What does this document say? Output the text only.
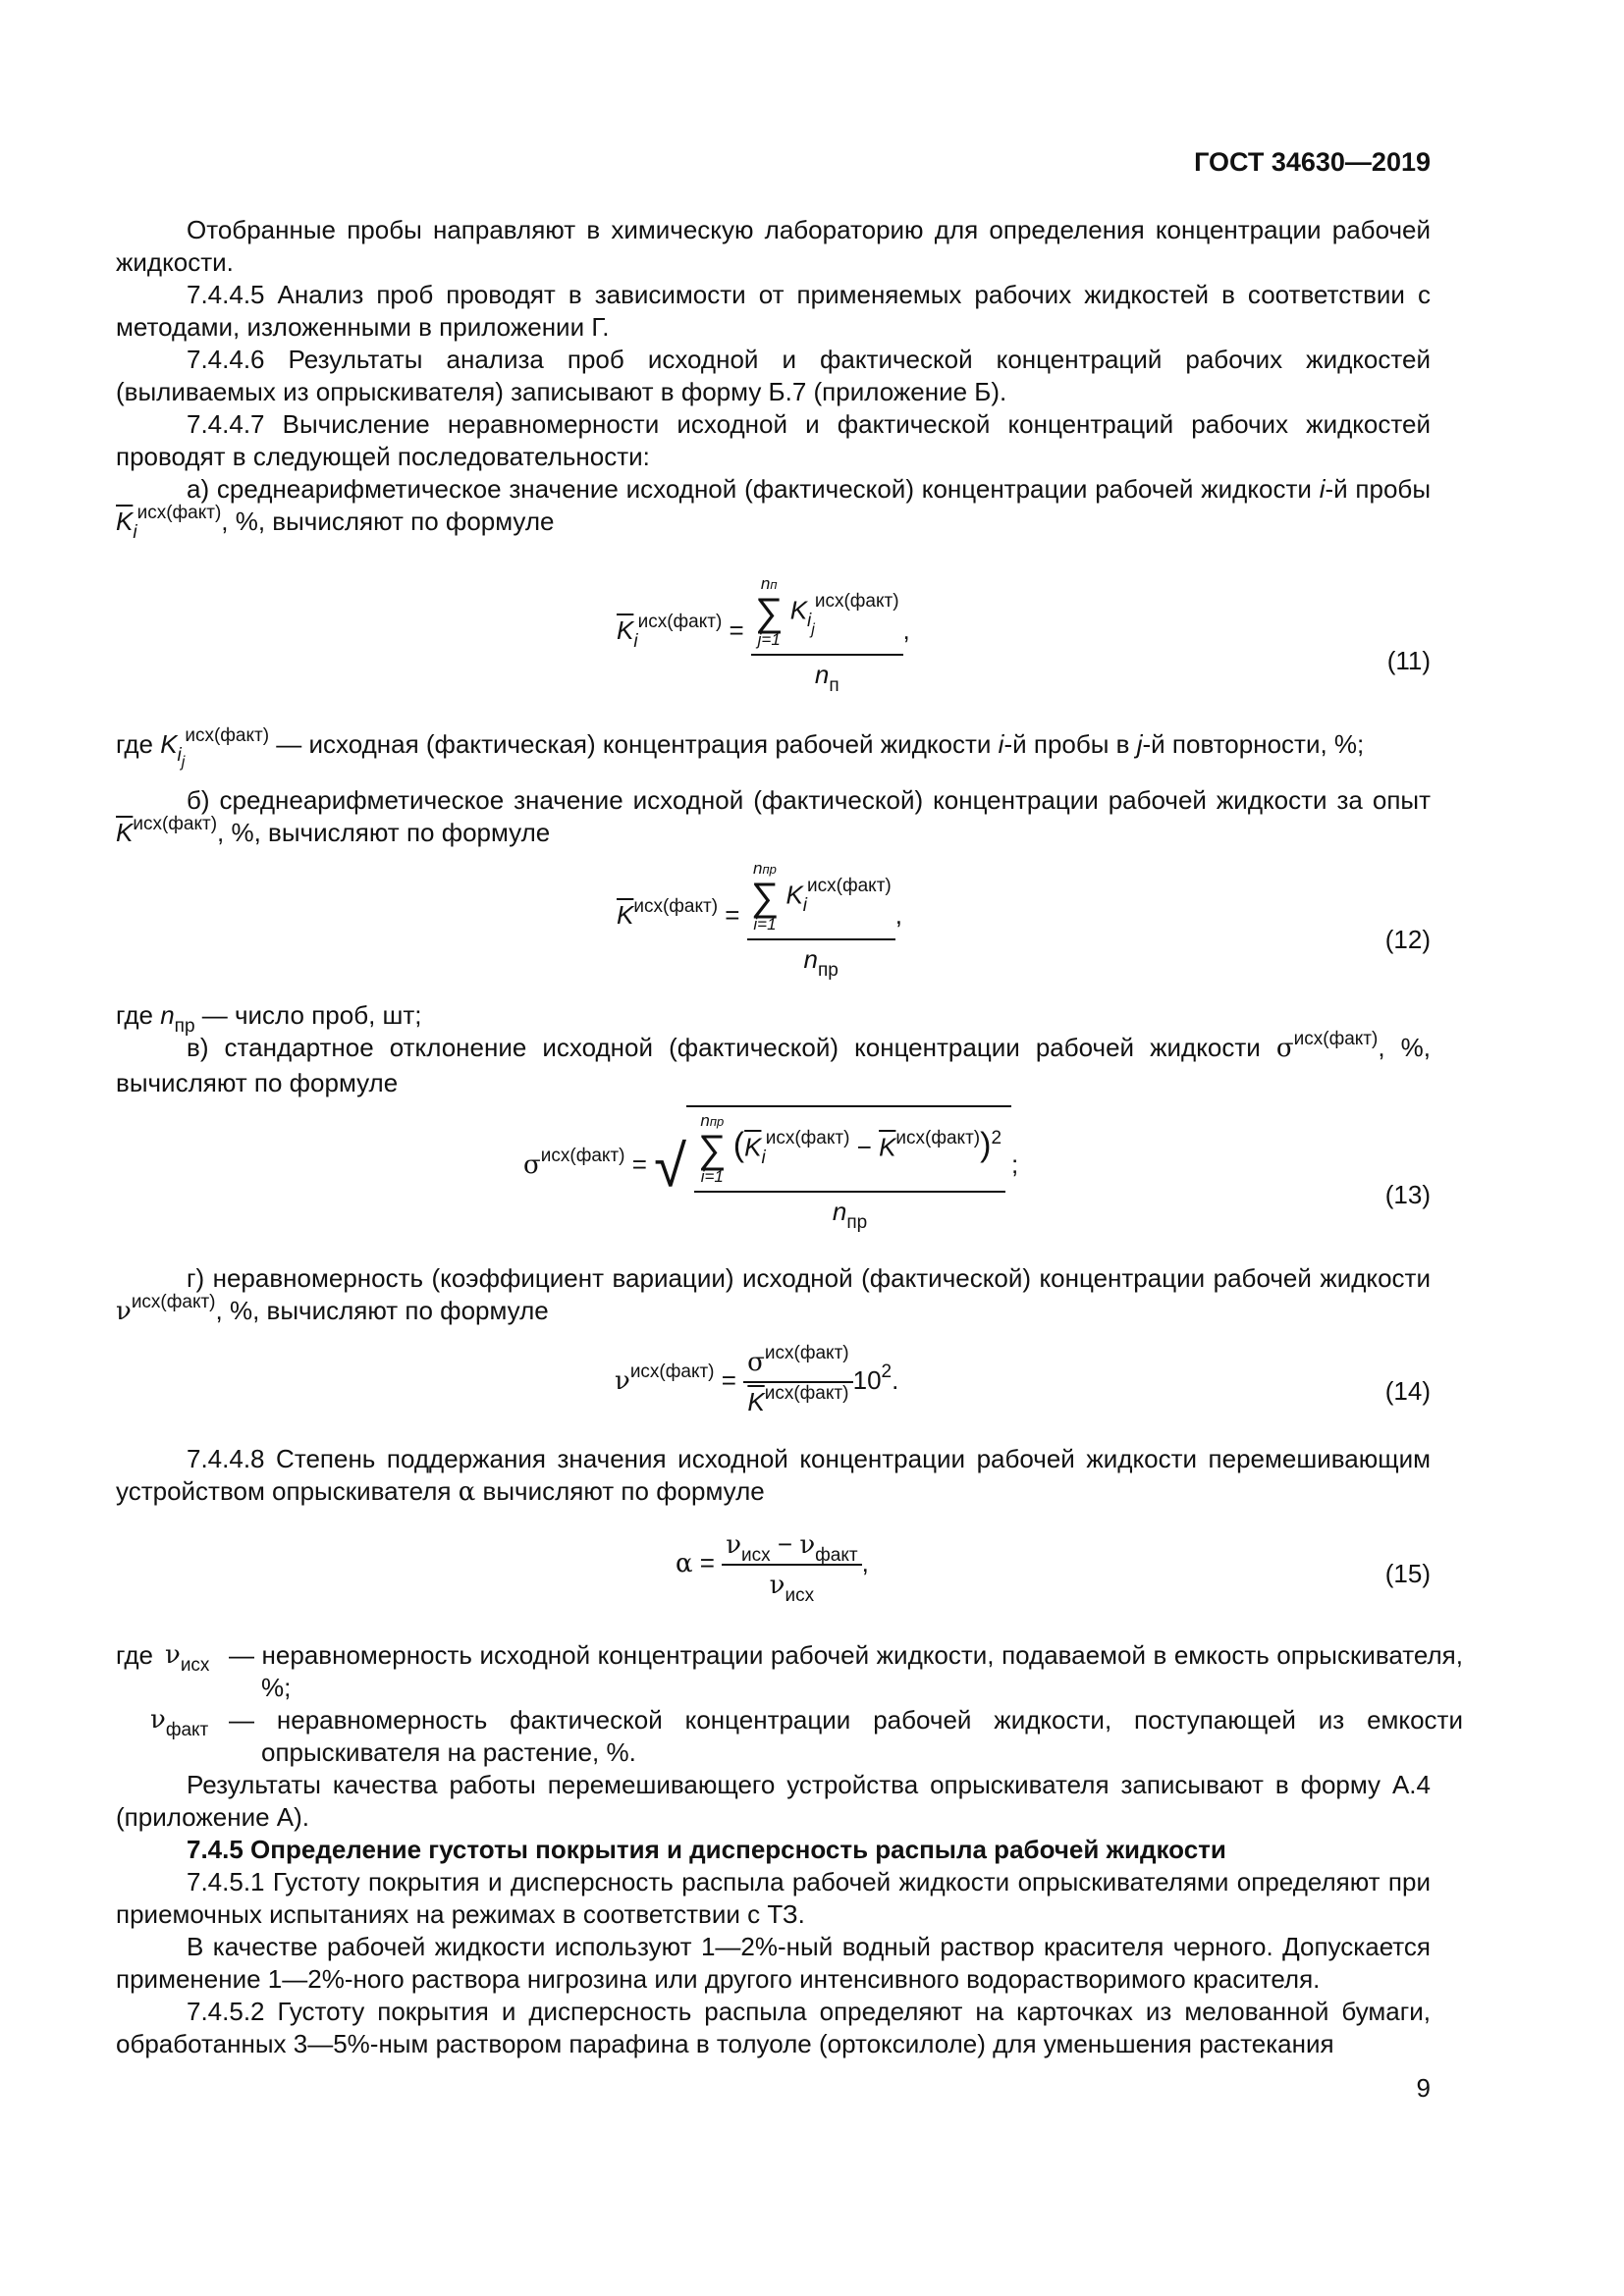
ГОСТ 34630—2019

Отобранные пробы направляют в химическую лабораторию для определения концентрации рабочей жидкости.

7.4.4.5 Анализ проб проводят в зависимости от применяемых рабочих жидкостей в соответствии с методами, изложенными в приложении Г.

7.4.4.6 Результаты анализа проб исходной и фактической концентраций рабочих жидкостей (выливаемых из опрыскивателя) записывают в форму Б.7 (приложение Б).

7.4.4.7 Вычисление неравномерности исходной и фактической концентраций рабочих жидкостей проводят в следующей последовательности:

а) среднеарифметическое значение исходной (фактической) концентрации рабочей жидкости i-й пробы $\overline{K}_i^{исх(факт)}$, %, вычисляют по формуле

$\overline{K}_i^{исх(факт)}$ = nп
∑
j=1
$K_{ij}^{исх(факт)}$
$n_п$ ,
(11)
где $K_{ij}^{исх(факт)}$ — исходная (фактическая) концентрация рабочей жидкости i-й пробы в j-й повторности, %;

б) среднеарифметическое значение исходной (фактической) концентрации рабочей жидкости за опыт $\overline{K}^{исх(факт)}$, %, вычисляют по формуле

$\overline{K}^{исх(факт)}$ = nпр
∑
i=1
$K_i^{исх(факт)}$
$n_{пр}$ ,
(12)
где $n_{пр}$ — число проб, шт;

в) стандартное отклонение исходной (фактической) концентрации рабочей жидкости $\sigma^{исх(факт)}$, %, вычисляют по формуле

$\sigma^{исх(факт)}$ = √
nпр
∑
i=1
$(\overline{K}_i^{исх(факт)} - \overline{K}^{исх(факт)})^2$
$n_{пр}$
;
(13)

г) неравномерность (коэффициент вариации) исходной (фактической) концентрации рабочей жидкости $\nu^{исх(факт)}$, %, вычисляют по формуле

$\nu^{исх(факт)} = \frac{\sigma^{исх(факт)}}{\overline{K}^{исх(факт)}} 10^2$.	(14)

7.4.4.8 Степень поддержания значения исходной концентрации рабочей жидкости перемешивающим устройством опрыскивателя α вычисляют по формуле

$\alpha = \frac{\nu_{исх} - \nu_{факт}}{\nu_{исх}}$ ,	(15)
где $\nu_{исх}$ — неравномерность исходной концентрации рабочей жидкости, подаваемой в емкость опрыскивателя, %;
$\nu_{факт}$ — неравномерность фактической концентрации рабочей жидкости, поступающей из емкости опрыскивателя на растение, %.

Результаты качества работы перемешивающего устройства опрыскивателя записывают в форму А.4 (приложение А).

7.4.5 Определение густоты покрытия и дисперсность распыла рабочей жидкости

7.4.5.1 Густоту покрытия и дисперсность распыла рабочей жидкости опрыскивателями определяют при приемочных испытаниях на режимах в соответствии с ТЗ.

В качестве рабочей жидкости используют 1—2%-ный водный раствор красителя черного. Допускается применение 1—2%-ного раствора нигрозина или другого интенсивного водорастворимого красителя.

7.4.5.2 Густоту покрытия и дисперсность распыла определяют на карточках из мелованной бумаги, обработанных 3—5%-ным раствором парафина в толуоле (ортоксилоле) для уменьшения растекания

9
